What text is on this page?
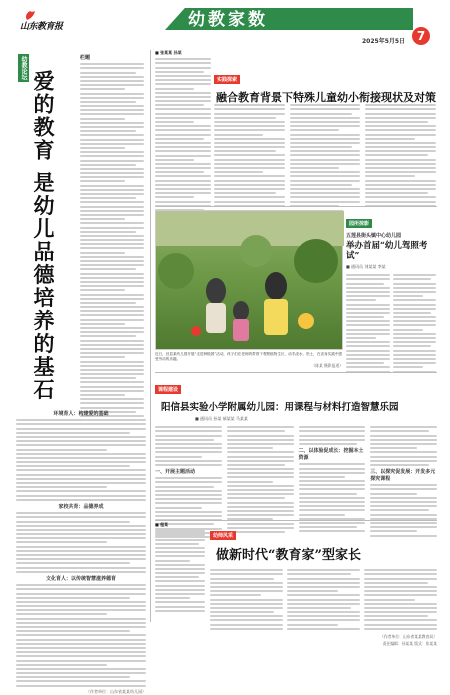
山东教育报	幼教家数
2025年5月5日 7
幼教论坛
爱的教育 是幼儿品德培养的基石
栏题
环境育人：构建爱的基础
家校共育：品德养成
文化育人：以传统智慧滋养德育
（作者单位：山东省某某幼儿园）
■ 张某某 孙某
实践探索
融合教育背景下特殊儿童幼小衔接现状及对策
近日，莒县某幼儿园开展“走进种植园”活动，孩子们在老师的带领下观察植物生长，动手浇水、松土，在亲身实践中感受劳动的乐趣。
（陈某 摄影报道）
园所掠影
五莲县街头镇中心幼儿园
举办首届“幼儿驾照考试”
■ 通讯员 刘某某 李某
课程建设
阳信县实验小学附属幼儿园：用课程与材料打造智慧乐园
■ 通讯员 孙某 郝某某 马某某
一、开展主题活动
二、以体验促成长：挖掘本土资源
三、以探究促发展：开发多元探究课程
■ 程某
幼师风采
做新时代“教育家”型家长
（作者单位：山东省某某教育局）
责任编辑：孙某某 版式：张某某
